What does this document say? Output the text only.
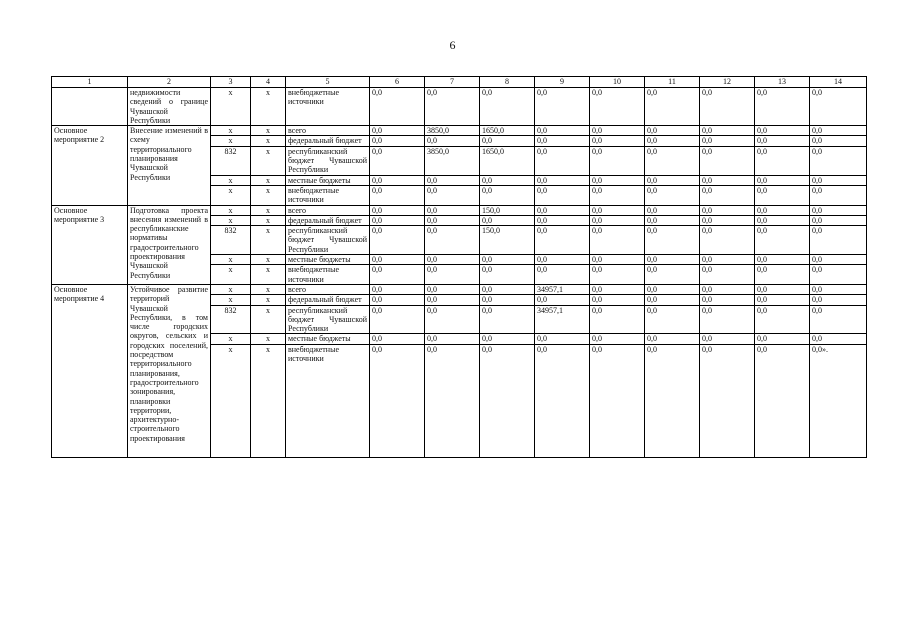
6
1	2	3	4	5	6	7	8	9	10	11	12	13	14
	недвижимости сведений о границе Чувашской Республики	x	x	внебюджетные источники	0,0	0,0	0,0	0,0	0,0	0,0	0,0	0,0	0,0
Основное мероприятие 2	Внесение изменений в схему территориального планирования Чувашской Республики	x	x	всего	0,0	3850,0	1650,0	0,0	0,0	0,0	0,0	0,0	0,0
		x	x	федеральный бюджет	0,0	0,0	0,0	0,0	0,0	0,0	0,0	0,0	0,0
		832	x	республиканский бюджет Чувашской Республики	0,0	3850,0	1650,0	0,0	0,0	0,0	0,0	0,0	0,0
		x	x	местные бюджеты	0,0	0,0	0,0	0,0	0,0	0,0	0,0	0,0	0,0
		x	x	внебюджетные источники	0,0	0,0	0,0	0,0	0,0	0,0	0,0	0,0	0,0
Основное мероприятие 3	Подготовка проекта внесения изменений в республиканские нормативы градостроительного проектирования Чувашской Республики	x	x	всего	0,0	0,0	150,0	0,0	0,0	0,0	0,0	0,0	0,0
		x	x	федеральный бюджет	0,0	0,0	0,0	0,0	0,0	0,0	0,0	0,0	0,0
		832	x	республиканский бюджет Чувашской Республики	0,0	0,0	150,0	0,0	0,0	0,0	0,0	0,0	0,0
		x	x	местные бюджеты	0,0	0,0	0,0	0,0	0,0	0,0	0,0	0,0	0,0
		x	x	внебюджетные источники	0,0	0,0	0,0	0,0	0,0	0,0	0,0	0,0	0,0
Основное мероприятие 4	Устойчивое развитие территорий Чувашской Республики, в том числе городских округов, сельских и городских поселений, посредством территориального планирования, градостроительного зонирования, планировки территории, архитектурно-строительного проектирования	x	x	всего	0,0	0,0	0,0	34957,1	0,0	0,0	0,0	0,0	0,0
		x	x	федеральный бюджет	0,0	0,0	0,0	0,0	0,0	0,0	0,0	0,0	0,0
		832	x	республиканский бюджет Чувашской Республики	0,0	0,0	0,0	34957,1	0,0	0,0	0,0	0,0	0,0
		x	x	местные бюджеты	0,0	0,0	0,0	0,0	0,0	0,0	0,0	0,0	0,0
		x	x	внебюджетные источники	0,0	0,0	0,0	0,0	0,0	0,0	0,0	0,0	0,0».
